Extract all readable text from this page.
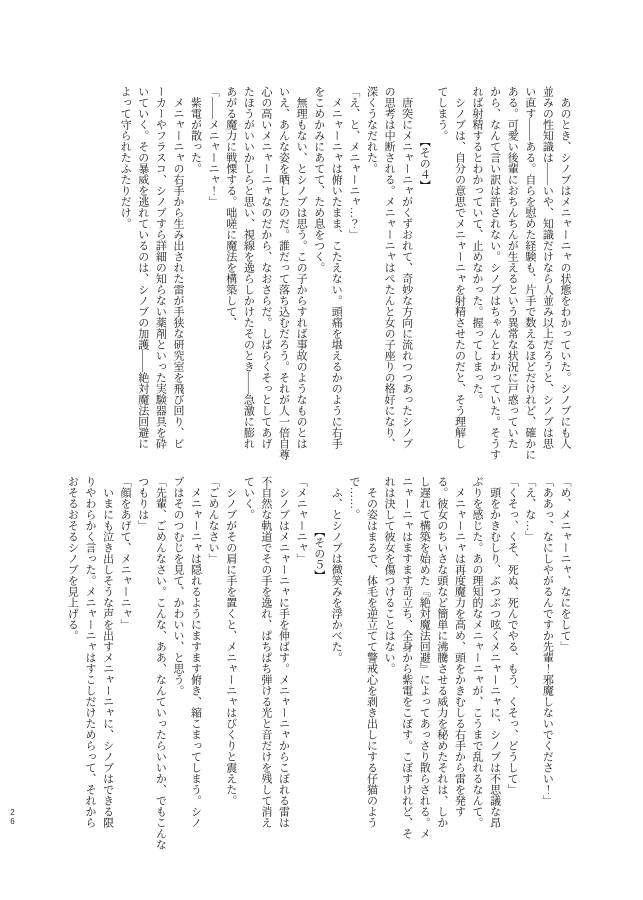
　あのとき、シノブはメニャーニャの状態をわかっていた。シノブにも人

並みの性知識は――いや、知識だけなら人並み以上だろうと、シノブは思

い直す――ある。自らを慰めた経験も、片手で数えるほどだけれど、確かに

ある。可愛い後輩におちんちんが生えるという異常な状況に戸惑っていた

から、なんて言い訳は許されない。シノブはちゃんとわかっていた。そうす

れば射精するとわかっていて、止めなかった。握ってしまった。

　シノブは、自分の意思でメニャーニャを射精させたのだと、そう理解し

てしまう。

【その４】

　唐突にメニャーニャがくずおれて、奇妙な方向に流れつつあったシノブ

の思考は中断される。メニャーニャはぺたんと女の子座りの格好になり、

深くうなだれた。

「え、と、メニャーニャ…？」

　メニャーニャは俯いたまま、こたえない。頭痛を堪えるかのように右手

をこめかみにあてて、ため息をつく。

　無理もない、とシノブは思う。この子からすれば事故のようなものとは

いえ、あんな姿を晒したのだ。誰だって落ち込むだろう。それが人一倍自尊

心の高いメニャーニャなのだから、なおさらだ。しばらくそっとしてあげ

たほうがいいかしらと思い、視線を逸らしかけたそのとき――急激に膨れ

あがる魔力に戦慄する。咄嗟に魔法を構築して、

「――メニャーニャ！」

　紫電が散った。

　メニャーニャの右手から生み出された雷が手狭な研究室を飛び回り、ビ

ーカーやフラスコ、シノブすら詳細の知らない薬剤といった実験器具を砕

いていく。その暴威を逃れているのは、シノブの加護――絶対魔法回避に

よって守られたふたりだけ。

「め、メニャーニャ、なにをして」

「ああっ、なにしやがるんですか先輩！邪魔しないでください！」

「え、な…」

「くそっ、くそ、死ぬ、死んでやる、もう、くそっ、どうして」

　頭をかきむしり、ぶつぶつ呟くメニャーニャに、シノブは不思議な昂

ぶりを感じた。あの理知的なメニャーニャが、こうまで乱れるなんて。

　メニャーニャは再度魔力を高め、頭をかきむしる右手から雷を発す

る。彼女のちいさな頭など簡単に沸騰させる威力を秘めたそれは、しか

し遅れて構築を始めた『絶対魔法回避』によってあっさり散らされる。メ

ニャーニャはますます苛立ち、全身から紫電をこぼす。こぼすけれど、そ

れは決して彼女を傷つけることはない。

　その姿はまるで、体毛を逆立てて警戒心を剥き出しにする仔猫のよう

で……。

　ふ、とシノブは微笑みを浮かべた。

【その５】

「メニャーニャ」

　シノブはメニャーニャに手を伸ばす。メニャーニャからこぼれる雷は

不自然な軌道でその手を逸れ、ぱちぱち弾ける光と音だけを残して消え

ていく。

　シノブがその肩に手を置くと、メニャーニャはびくりと震えた。

「ごめんなさい」

　メニャーニャは隠れるようにますます俯き、縮こまってしまう。シノ

ブはそのつむじを見て、かわいい、と思う。

「先輩、ごめんなさい。こんな、ああ、なんていったらいいか、でもこんな

つもりは」

「顔をあげて、メニャーニャ」

　いまにも泣き出しそうな声を出すメニャーニャに、シノブはできる限

りやわらかく言った。メニャーニャはすこしだけためらって、それから

おそるおそるシノブを見上げる。

26
